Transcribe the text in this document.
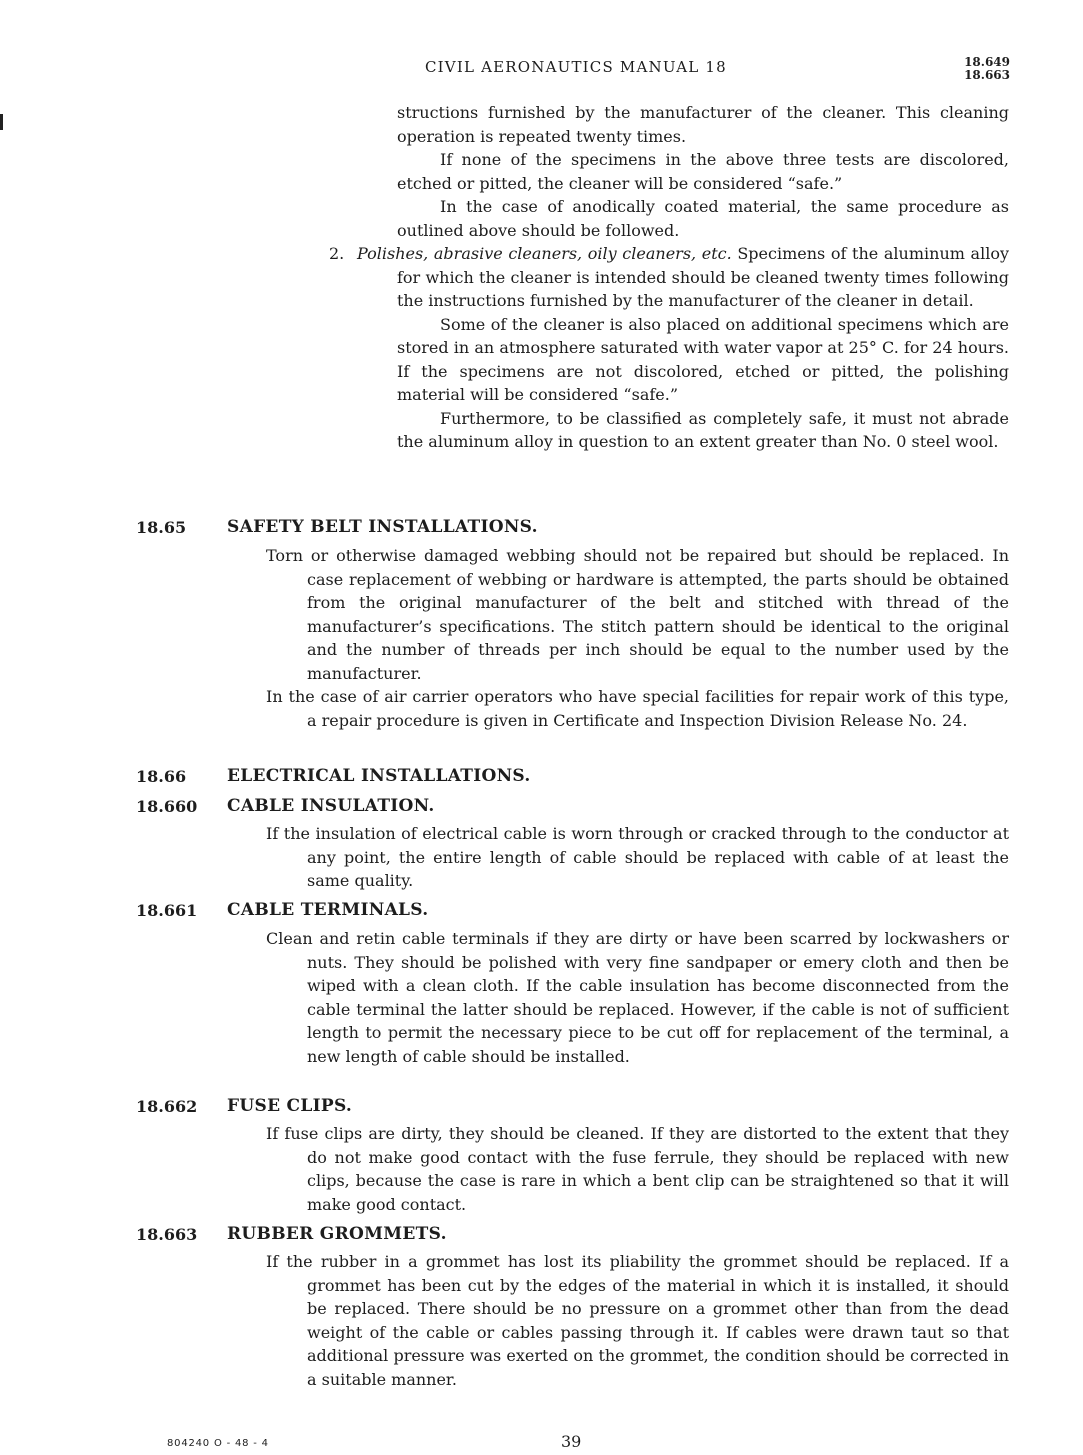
CIVIL AERONAUTICS MANUAL 18	18.649
18.663

structions furnished by the manufacturer of the cleaner. This cleaning operation is repeated twenty times.

If none of the specimens in the above three tests are discolored, etched or pitted, the cleaner will be considered “safe.”

In the case of anodically coated material, the same procedure as outlined above should be followed.

2. Polishes, abrasive cleaners, oily cleaners, etc. Specimens of the aluminum alloy for which the cleaner is intended should be cleaned twenty times following the instructions furnished by the manufacturer of the cleaner in detail.

Some of the cleaner is also placed on additional specimens which are stored in an atmosphere saturated with water vapor at 25° C. for 24 hours. If the specimens are not discolored, etched or pitted, the polishing material will be considered “safe.”

Furthermore, to be classified as completely safe, it must not abrade the aluminum alloy in question to an extent greater than No. 0 steel wool.

18.65 SAFETY BELT INSTALLATIONS.

Torn or otherwise damaged webbing should not be repaired but should be replaced. In case replacement of webbing or hardware is attempted, the parts should be obtained from the original manufacturer of the belt and stitched with thread of the manufacturer’s specifications. The stitch pattern should be identical to the original and the number of threads per inch should be equal to the number used by the manufacturer.

In the case of air carrier operators who have special facilities for repair work of this type, a repair procedure is given in Certificate and Inspection Division Release No. 24.

18.66 ELECTRICAL INSTALLATIONS.
18.660 CABLE INSULATION.

If the insulation of electrical cable is worn through or cracked through to the conductor at any point, the entire length of cable should be replaced with cable of at least the same quality.

18.661 CABLE TERMINALS.

Clean and retin cable terminals if they are dirty or have been scarred by lockwashers or nuts. They should be polished with very fine sandpaper or emery cloth and then be wiped with a clean cloth. If the cable insulation has become disconnected from the cable terminal the latter should be replaced. However, if the cable is not of sufficient length to permit the necessary piece to be cut off for replacement of the terminal, a new length of cable should be installed.

18.662 FUSE CLIPS.

If fuse clips are dirty, they should be cleaned. If they are distorted to the extent that they do not make good contact with the fuse ferrule, they should be replaced with new clips, because the case is rare in which a bent clip can be straightened so that it will make good contact.

18.663 RUBBER GROMMETS.

If the rubber in a grommet has lost its pliability the grommet should be replaced. If a grommet has been cut by the edges of the material in which it is installed, it should be replaced. There should be no pressure on a grommet other than from the dead weight of the cable or cables passing through it. If cables were drawn taut so that additional pressure was exerted on the grommet, the condition should be corrected in a suitable manner.

804240 O - 48 - 4	39
